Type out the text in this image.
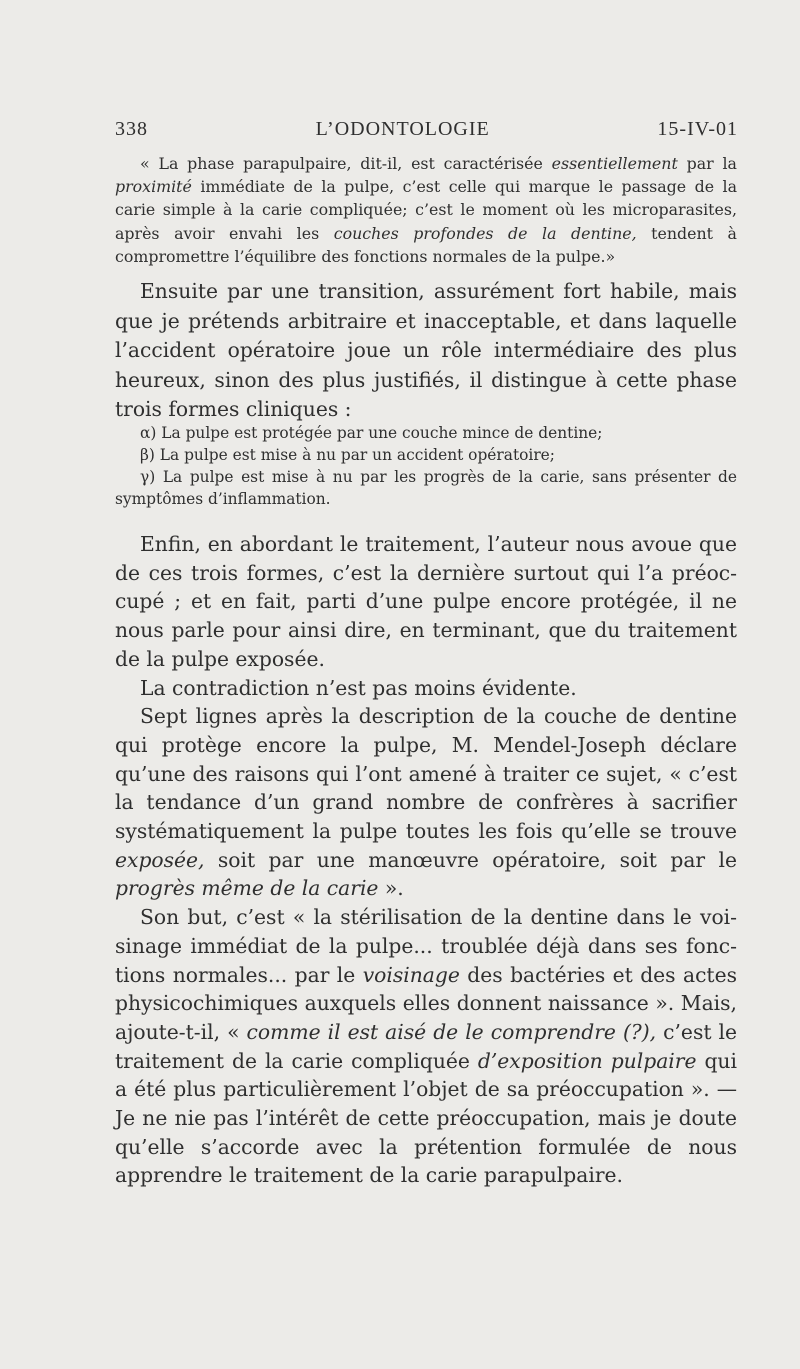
338	L’ODONTOLOGIE	15-IV-01

« La phase parapulpaire, dit-il, est caractérisée essentiellement par la proximité immédiate de la pulpe, c’est celle qui marque le passage de la carie simple à la carie compliquée; c’est le moment où les microparasites, après avoir envahi les couches profondes de la dentine, tendent à compromettre l’équilibre des fonctions normales de la pulpe.»

Ensuite par une transition, assurément fort habile, mais que je prétends arbitraire et inacceptable, et dans laquelle l’accident opératoire joue un rôle intermédiaire des plus heureux, sinon des plus justifiés, il distingue à cette phase trois formes cliniques :

α) La pulpe est protégée par une couche mince de dentine;

β) La pulpe est mise à nu par un accident opératoire;

γ) La pulpe est mise à nu par les progrès de la carie, sans présenter de symptômes d’inflammation.

Enfin, en abordant le traitement, l’auteur nous avoue que de ces trois formes, c’est la dernière surtout qui l’a préoccupé ; et en fait, parti d’une pulpe encore protégée, il ne nous parle pour ainsi dire, en terminant, que du traitement de la pulpe exposée.

La contradiction n’est pas moins évidente.

Sept lignes après la description de la couche de dentine qui protège encore la pulpe, M. Mendel-Joseph déclare qu’une des raisons qui l’ont amené à traiter ce sujet, « c’est la tendance d’un grand nombre de confrères à sacrifier systématiquement la pulpe toutes les fois qu’elle se trouve exposée, soit par une manœuvre opératoire, soit par le progrès même de la carie ».

Son but, c’est « la stérilisation de la dentine dans le voisinage immédiat de la pulpe... troublée déjà dans ses fonctions normales... par le voisinage des bactéries et des actes physicochimiques auxquels elles donnent naissance ». Mais, ajoute-t-il, « comme il est aisé de le comprendre (?), c’est le traitement de la carie compliquée d’exposition pulpaire qui a été plus particulièrement l’objet de sa préoccupation ». — Je ne nie pas l’intérêt de cette préoccupation, mais je doute qu’elle s’accorde avec la prétention formulée de nous apprendre le traitement de la carie parapulpaire.
